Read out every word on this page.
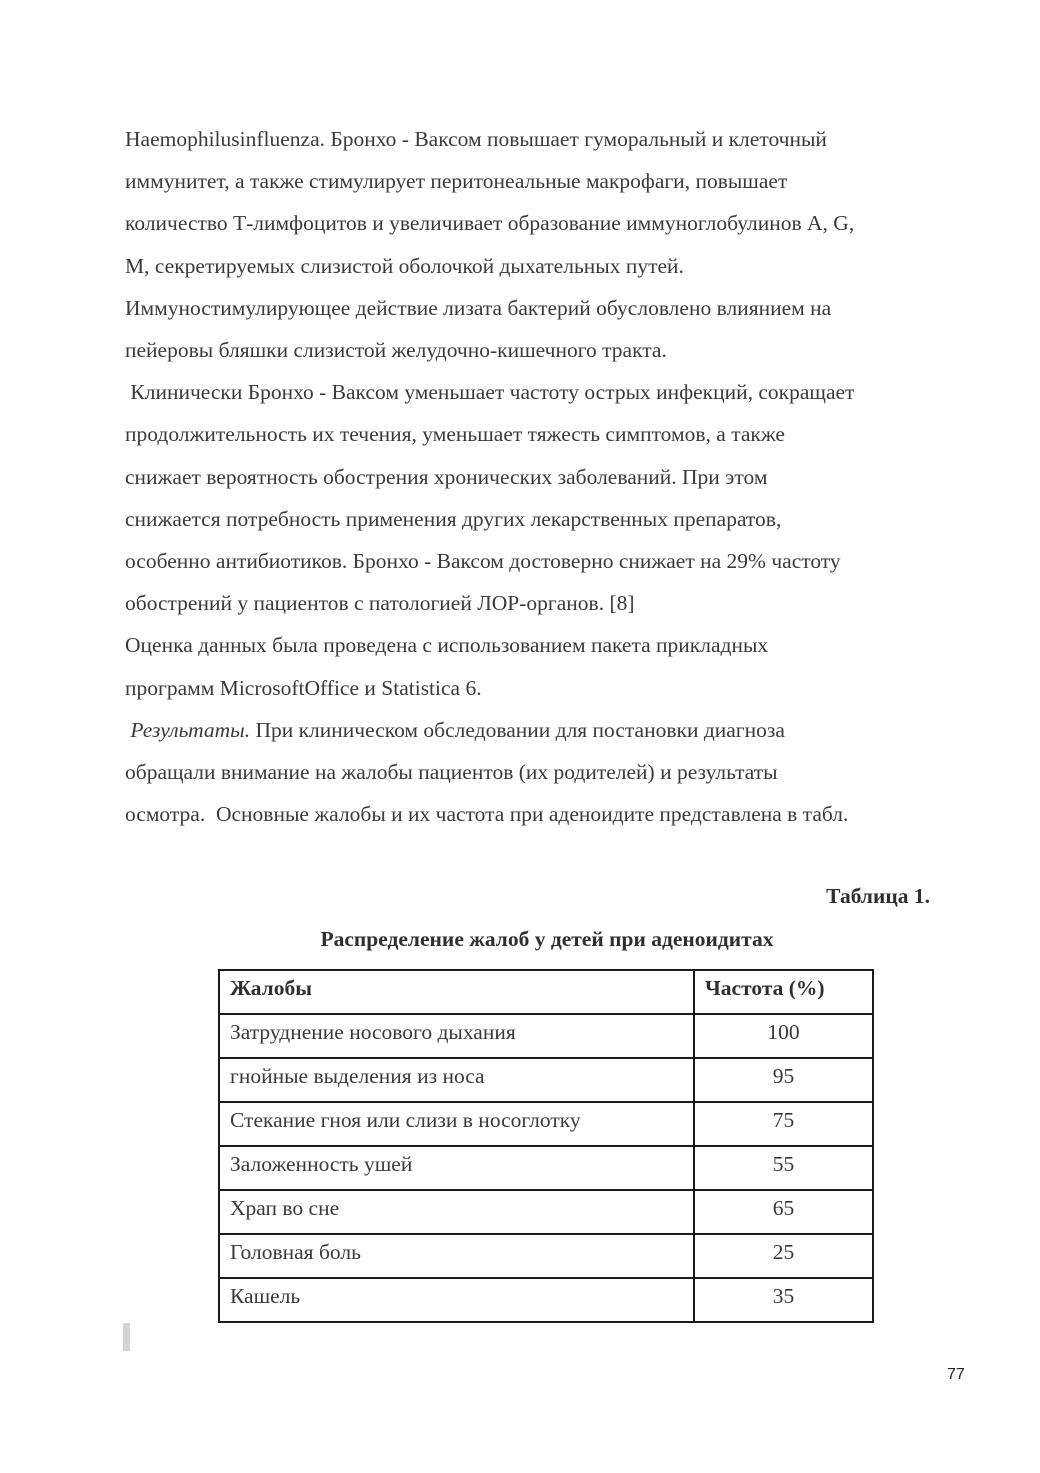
Haemophilusinfluenza. Бронхо - Ваксом повышает гуморальный и клеточный
иммунитет, а также стимулирует перитонеальные макрофаги, повышает
количество Т-лимфоцитов и увеличивает образование иммуноглобулинов A, G,
M, секретируемых слизистой оболочкой дыхательных путей.
Иммуностимулирующее действие лизата бактерий обусловлено влиянием на
пейеровы бляшки слизистой желудочно-кишечного тракта.
Клинически Бронхо - Ваксом уменьшает частоту острых инфекций, сокращает
продолжительность их течения, уменьшает тяжесть симптомов, а также
снижает вероятность обострения хронических заболеваний. При этом
снижается потребность применения других лекарственных препаратов,
особенно антибиотиков. Бронхо - Ваксом достоверно снижает на 29% частоту
обострений у пациентов с патологией ЛОР-органов. [8]
Оценка данных была проведена с использованием пакета прикладных
программ MicrosoftOffice и Statistica 6.
Результаты. При клиническом обследовании для постановки диагноза
обращали внимание на жалобы пациентов (их родителей) и результаты
осмотра.  Основные жалобы и их частота при аденоидите представлена в табл.
Таблица 1.
Распределение жалоб у детей при аденоидитах
Жалобы	Частота (%)
Затруднение носового дыхания	100
гнойные выделения из носа	95
Стекание гноя или слизи в носоглотку	75
Заложенность ушей	55
Храп во сне	65
Головная боль	25
Кашель	35
77
